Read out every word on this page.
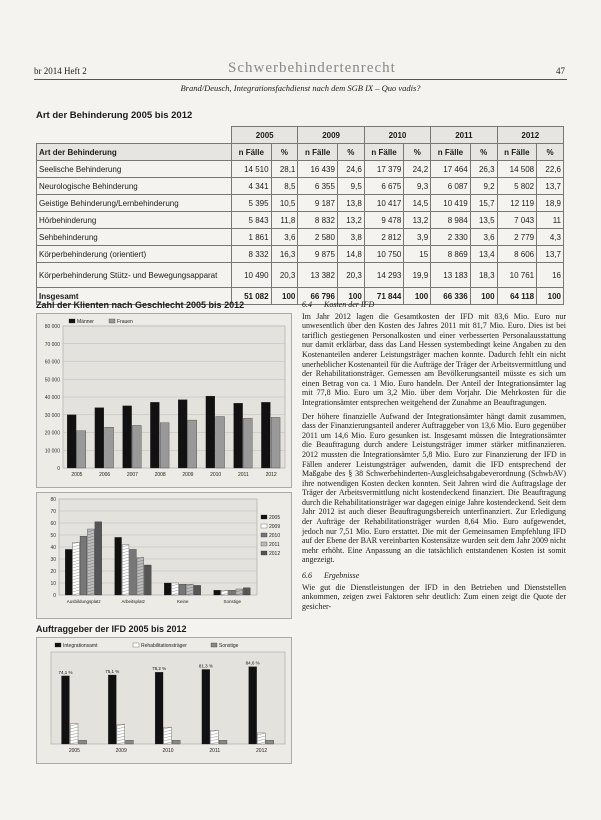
br 2014 Heft 2	Schwerbehindertenrecht	47
Brand/Deusch, Integrationsfachdienst nach dem SGB IX – Quo vadis?
Art der Behinderung 2005 bis 2012
	2005		2009		2010		2011		2012	
Art der Behinderung	n Fälle	%	n Fälle	%	n Fälle	%	n Fälle	%	n Fälle	%
Seelische Behinderung	14 510	28,1	16 439	24,6	17 379	24,2	17 464	26,3	14 508	22,6
Neurologische Behinderung	4 341	8,5	6 355	9,5	6 675	9,3	6 087	9,2	5 802	13,7
Geistige Behinderung/Lernbehinderung	5 395	10,5	9 187	13,8	10 417	14,5	10 419	15,7	12 119	18,9
Hörbehinderung	5 843	11,8	8 832	13,2	9 478	13,2	8 984	13,5	7 043	11
Sehbehinderung	1 861	3,6	2 580	3,8	2 812	3,9	2 330	3,6	2 779	4,3
Körperbehinderung (orientiert)	8 332	16,3	9 875	14,8	10 750	15	8 869	13,4	8 606	13,7
Körperbehinderung Stütz- und Bewegungsapparat	10 490	20,3	13 382	20,3	14 293	19,9	13 183	18,3	10 761	16
Insgesamt	51 082	100	66 796	100	71 844	100	66 336	100	64 118	100
Zahl der Klienten nach Geschlecht 2005 bis 2012
0
10 000
20 000
30 000
40 000
50 000
60 000
70 000
80 000
2005	2006	2007	2008	2009	2010	2011	2012
Männer	Frauen
0
10
20
30
40
50
60
70
80
Ausbildungsplatz	Arbeitsplatz	Keine	Sonstige
2005
2009
2010
2011
2012
Auftraggeber der IFD 2005 bis 2012
2005	2009	2010	2011	2012
Integrationsamt	Rehabilitationsträger	Sonstige
74,1 %	75,1 %
78,2 %
81,3 %
84,6 %
6.4 Kosten der IFD

Im Jahr 2012 lagen die Gesamtkosten der IFD mit 83,6 Mio. Euro nur unwesentlich über den Kosten des Jahres 2011 mit 81,7 Mio. Euro. Dies ist bei tariflich gestiegenen Personalkosten und einer verbesserten Personalausstattung nur damit erklärbar, dass das Land Hessen systembedingt keine Angaben zu den Kostenanteilen anderer Leistungsträger machen konnte. Dadurch fehlt ein nicht unerheblicher Kostenanteil für die Aufträge der Träger der Arbeitsvermittlung und der Rehabilitationsträger. Gemessen am Bevölkerungsanteil müsste es sich um einen Betrag von ca. 1 Mio. Euro handeln. Der Anteil der Integrationsämter lag mit 77,8 Mio. Euro um 3,2 Mio. über dem Vorjahr. Die Mehrkosten für die Integrationsämter entsprechen weitgehend der Zunahme an Beauftragungen.

Der höhere finanzielle Aufwand der Integrationsämter hängt damit zusammen, dass der Finanzierungsanteil anderer Auftraggeber von 13,6 Mio. Euro gegenüber 2011 um 14,6 Mio. Euro gesunken ist. Insgesamt müssen die Integrationsämter die Beauftragung durch andere Leistungsträger immer stärker mitfinanzieren. 2012 mussten die Integrationsämter 5,8 Mio. Euro zur Finanzierung der IFD in Fällen anderer Leistungsträger aufwenden, damit die IFD entsprechend der Maßgabe des § 38 Schwerbehinderten-Ausgleichsabgabeverordnung (SchwbAV) ihre notwendigen Kosten decken konnten. Seit Jahren wird die Auftragslage der Träger der Arbeitsvermittlung nicht kostendeckend finanziert. Die Beauftragung durch die Rehabilitationsträger war dagegen einige Jahre kostendeckend. Seit dem Jahr 2012 ist auch dieser Beauftragungsbereich unterfinanziert. Zur Erledigung der Aufträge der Rehabilitationsträger wurden 8,64 Mio. Euro aufgewendet, jedoch nur 7,51 Mio. Euro erstattet. Die mit der Gemeinsamen Empfehlung IFD auf der Ebene der BAR vereinbarten Kostensätze wurden seit dem Jahr 2009 nicht mehr erhöht. Eine Anpassung an die tatsächlich entstandenen Kosten ist somit angezeigt.

6.6 Ergebnisse

Wie gut die Dienstleistungen der IFD in den Betrieben und Dienststellen ankommen, zeigen zwei Faktoren sehr deutlich: Zum einen zeigt die Quote der gesicher-
